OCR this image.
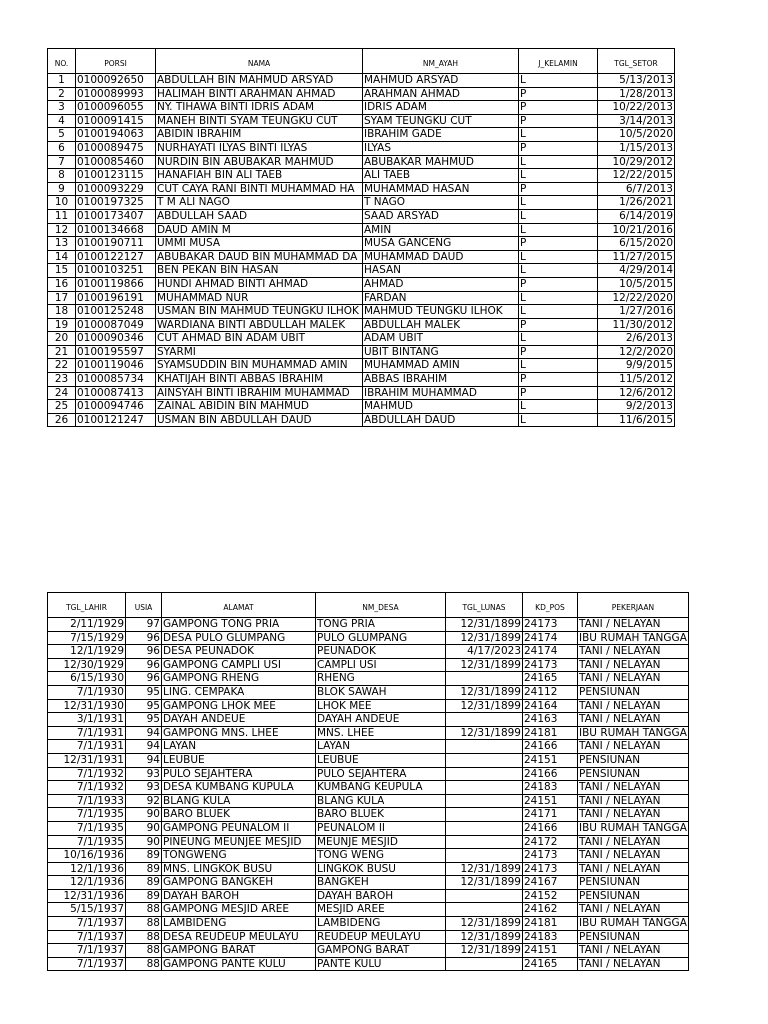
NO.	PORSI	NAMA	NM_AYAH	J_KELAMIN	TGL_SETOR
1	0100092650	ABDULLAH BIN MAHMUD ARSYAD	MAHMUD ARSYAD	L	5/13/2013
2	0100089993	HALIMAH BINTI ARAHMAN AHMAD	ARAHMAN AHMAD	P	1/28/2013
3	0100096055	NY. TIHAWA BINTI IDRIS ADAM	IDRIS ADAM	P	10/22/2013
4	0100091415	MANEH BINTI SYAM TEUNGKU CUT	SYAM TEUNGKU CUT	P	3/14/2013
5	0100194063	ABIDIN IBRAHIM	IBRAHIM GADE	L	10/5/2020
6	0100089475	NURHAYATI ILYAS BINTI ILYAS	ILYAS	P	1/15/2013
7	0100085460	NURDIN BIN ABUBAKAR MAHMUD	ABUBAKAR MAHMUD	L	10/29/2012
8	0100123115	HANAFIAH BIN ALI TAEB	ALI TAEB	L	12/22/2015
9	0100093229	CUT CAYA RANI BINTI MUHAMMAD HA	MUHAMMAD HASAN	P	6/7/2013
10	0100197325	T M ALI NAGO	T NAGO	L	1/26/2021
11	0100173407	ABDULLAH SAAD	SAAD ARSYAD	L	6/14/2019
12	0100134668	DAUD AMIN M	AMIN	L	10/21/2016
13	0100190711	UMMI MUSA	MUSA GANCENG	P	6/15/2020
14	0100122127	ABUBAKAR DAUD BIN MUHAMMAD DA	MUHAMMAD DAUD	L	11/27/2015
15	0100103251	BEN PEKAN BIN HASAN	HASAN	L	4/29/2014
16	0100119866	HUNDI AHMAD BINTI AHMAD	AHMAD	P	10/5/2015
17	0100196191	MUHAMMAD NUR	FARDAN	L	12/22/2020
18	0100125248	USMAN BIN MAHMUD TEUNGKU ILHOK	MAHMUD TEUNGKU ILHOK	L	1/27/2016
19	0100087049	WARDIANA BINTI ABDULLAH MALEK	ABDULLAH MALEK	P	11/30/2012
20	0100090346	CUT AHMAD BIN ADAM UBIT	ADAM UBIT	L	2/6/2013
21	0100195597	SYARMI	UBIT BINTANG	P	12/2/2020
22	0100119046	SYAMSUDDIN BIN MUHAMMAD AMIN	MUHAMMAD AMIN	L	9/9/2015
23	0100085734	KHATIJAH BINTI ABBAS IBRAHIM	ABBAS IBRAHIM	P	11/5/2012
24	0100087413	AINSYAH BINTI IBRAHIM MUHAMMAD	IBRAHIM MUHAMMAD	P	12/6/2012
25	0100094746	ZAINAL ABIDIN BIN MAHMUD	MAHMUD	L	9/2/2013
26	0100121247	USMAN BIN ABDULLAH DAUD	ABDULLAH DAUD	L	11/6/2015
TGL_LAHIR	USIA	ALAMAT	NM_DESA	TGL_LUNAS	KD_POS	PEKERJAAN
2/11/1929	97	GAMPONG TONG PRIA	TONG PRIA	12/31/1899	24173	TANI / NELAYAN
7/15/1929	96	DESA PULO GLUMPANG	PULO GLUMPANG	12/31/1899	24174	IBU RUMAH TANGGA
12/1/1929	96	DESA PEUNADOK	PEUNADOK	4/17/2023	24174	TANI / NELAYAN
12/30/1929	96	GAMPONG CAMPLI USI	CAMPLI USI	12/31/1899	24173	TANI / NELAYAN
6/15/1930	96	GAMPONG RHENG	RHENG		24165	TANI / NELAYAN
7/1/1930	95	LING. CEMPAKA	BLOK SAWAH	12/31/1899	24112	PENSIUNAN
12/31/1930	95	GAMPONG LHOK MEE	LHOK MEE	12/31/1899	24164	TANI / NELAYAN
3/1/1931	95	DAYAH ANDEUE	DAYAH ANDEUE		24163	TANI / NELAYAN
7/1/1931	94	GAMPONG MNS. LHEE	MNS. LHEE	12/31/1899	24181	IBU RUMAH TANGGA
7/1/1931	94	LAYAN	LAYAN		24166	TANI / NELAYAN
12/31/1931	94	LEUBUE	LEUBUE		24151	PENSIUNAN
7/1/1932	93	PULO SEJAHTERA	PULO SEJAHTERA		24166	PENSIUNAN
7/1/1932	93	DESA KUMBANG KUPULA	KUMBANG KEUPULA		24183	TANI / NELAYAN
7/1/1933	92	BLANG KULA	BLANG KULA		24151	TANI / NELAYAN
7/1/1935	90	BARO BLUEK	BARO BLUEK		24171	TANI / NELAYAN
7/1/1935	90	GAMPONG PEUNALOM II	PEUNALOM II		24166	IBU RUMAH TANGGA
7/1/1935	90	PINEUNG MEUNJEE MESJID	MEUNJE MESJID		24172	TANI / NELAYAN
10/16/1936	89	TONGWENG	TONG WENG		24173	TANI / NELAYAN
12/1/1936	89	MNS. LINGKOK BUSU	LINGKOK BUSU	12/31/1899	24173	TANI / NELAYAN
12/1/1936	89	GAMPONG BANGKEH	BANGKEH	12/31/1899	24167	PENSIUNAN
12/31/1936	89	DAYAH BAROH	DAYAH BAROH		24152	PENSIUNAN
5/15/1937	88	GAMPONG MESJID AREE	MESJID AREE		24162	TANI / NELAYAN
7/1/1937	88	LAMBIDENG	LAMBIDENG	12/31/1899	24181	IBU RUMAH TANGGA
7/1/1937	88	DESA REUDEUP MEULAYU	REUDEUP MEULAYU	12/31/1899	24183	PENSIUNAN
7/1/1937	88	GAMPONG BARAT	GAMPONG BARAT	12/31/1899	24151	TANI / NELAYAN
7/1/1937	88	GAMPONG PANTE KULU	PANTE KULU		24165	TANI / NELAYAN
